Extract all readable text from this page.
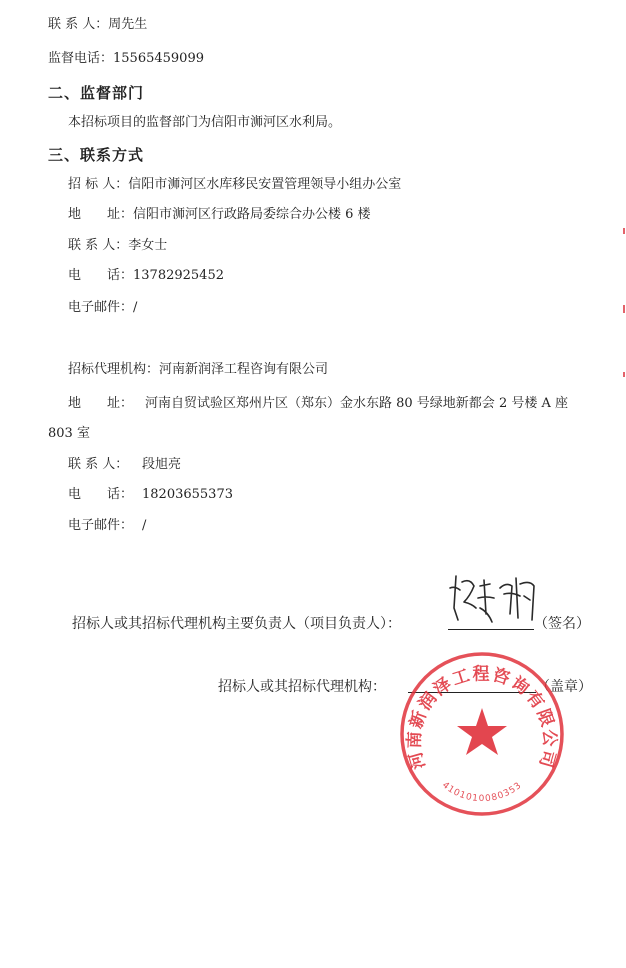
联 系 人：周先生
监督电话：15565459099
二、监督部门
本招标项目的监督部门为信阳市浉河区水利局。
三、联系方式
招 标 人：信阳市浉河区水库移民安置管理领导小组办公室
地　　址：信阳市浉河区行政路局委综合办公楼 6 楼
联 系 人：李女士
电　　话：13782925452
电子邮件：/
招标代理机构：河南新润泽工程咨询有限公司
地　　址： 河南自贸试验区郑州片区（郑东）金水东路 80 号绿地新都会 2 号楼 A 座
803 室
联 系 人： 段旭亮
电　　话： 18203655373
电子邮件： /
招标人或其招标代理机构主要负责人（项目负责人）：	（签名）
招标人或其招标代理机构：	（盖章）
河南新润泽工程咨询有限公司
4101010080353
